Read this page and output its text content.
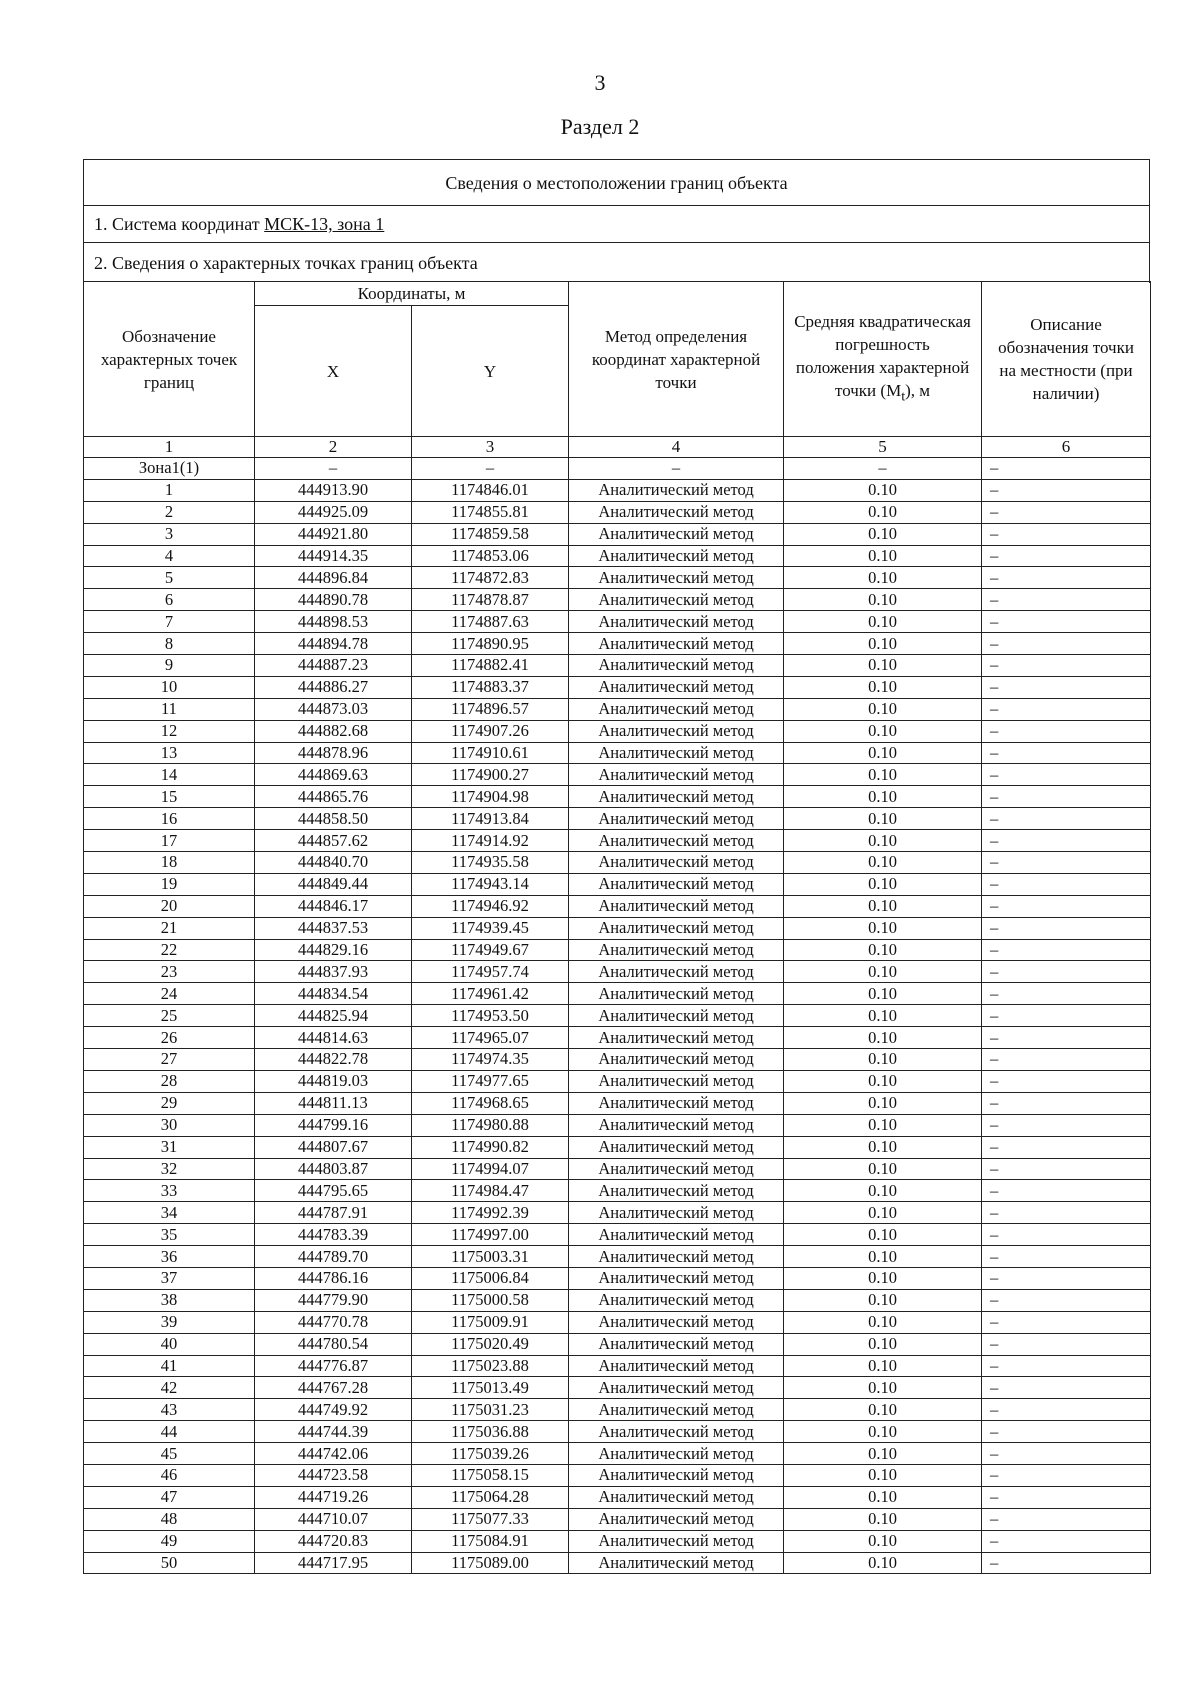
3
Раздел 2
Сведения о местоположении границ объекта
1. Система координат МСК-13, зона 1
2. Сведения о характерных точках границ объекта
Обозначение характерных точек границ	Координаты, м		Метод определения координат характерной точки	Средняя квадратическая погрешность положения характерной точки $(M_t)$, м	Описание обозначения точки на местности (при наличии)
	X	Y			
1	2	3	4	5	6
Зона1(1)	–	–	–	–	–
1	444913.90	1174846.01	Аналитический метод	0.10	–
2	444925.09	1174855.81	Аналитический метод	0.10	–
3	444921.80	1174859.58	Аналитический метод	0.10	–
4	444914.35	1174853.06	Аналитический метод	0.10	–
5	444896.84	1174872.83	Аналитический метод	0.10	–
6	444890.78	1174878.87	Аналитический метод	0.10	–
7	444898.53	1174887.63	Аналитический метод	0.10	–
8	444894.78	1174890.95	Аналитический метод	0.10	–
9	444887.23	1174882.41	Аналитический метод	0.10	–
10	444886.27	1174883.37	Аналитический метод	0.10	–
11	444873.03	1174896.57	Аналитический метод	0.10	–
12	444882.68	1174907.26	Аналитический метод	0.10	–
13	444878.96	1174910.61	Аналитический метод	0.10	–
14	444869.63	1174900.27	Аналитический метод	0.10	–
15	444865.76	1174904.98	Аналитический метод	0.10	–
16	444858.50	1174913.84	Аналитический метод	0.10	–
17	444857.62	1174914.92	Аналитический метод	0.10	–
18	444840.70	1174935.58	Аналитический метод	0.10	–
19	444849.44	1174943.14	Аналитический метод	0.10	–
20	444846.17	1174946.92	Аналитический метод	0.10	–
21	444837.53	1174939.45	Аналитический метод	0.10	–
22	444829.16	1174949.67	Аналитический метод	0.10	–
23	444837.93	1174957.74	Аналитический метод	0.10	–
24	444834.54	1174961.42	Аналитический метод	0.10	–
25	444825.94	1174953.50	Аналитический метод	0.10	–
26	444814.63	1174965.07	Аналитический метод	0.10	–
27	444822.78	1174974.35	Аналитический метод	0.10	–
28	444819.03	1174977.65	Аналитический метод	0.10	–
29	444811.13	1174968.65	Аналитический метод	0.10	–
30	444799.16	1174980.88	Аналитический метод	0.10	–
31	444807.67	1174990.82	Аналитический метод	0.10	–
32	444803.87	1174994.07	Аналитический метод	0.10	–
33	444795.65	1174984.47	Аналитический метод	0.10	–
34	444787.91	1174992.39	Аналитический метод	0.10	–
35	444783.39	1174997.00	Аналитический метод	0.10	–
36	444789.70	1175003.31	Аналитический метод	0.10	–
37	444786.16	1175006.84	Аналитический метод	0.10	–
38	444779.90	1175000.58	Аналитический метод	0.10	–
39	444770.78	1175009.91	Аналитический метод	0.10	–
40	444780.54	1175020.49	Аналитический метод	0.10	–
41	444776.87	1175023.88	Аналитический метод	0.10	–
42	444767.28	1175013.49	Аналитический метод	0.10	–
43	444749.92	1175031.23	Аналитический метод	0.10	–
44	444744.39	1175036.88	Аналитический метод	0.10	–
45	444742.06	1175039.26	Аналитический метод	0.10	–
46	444723.58	1175058.15	Аналитический метод	0.10	–
47	444719.26	1175064.28	Аналитический метод	0.10	–
48	444710.07	1175077.33	Аналитический метод	0.10	–
49	444720.83	1175084.91	Аналитический метод	0.10	–
50	444717.95	1175089.00	Аналитический метод	0.10	–
